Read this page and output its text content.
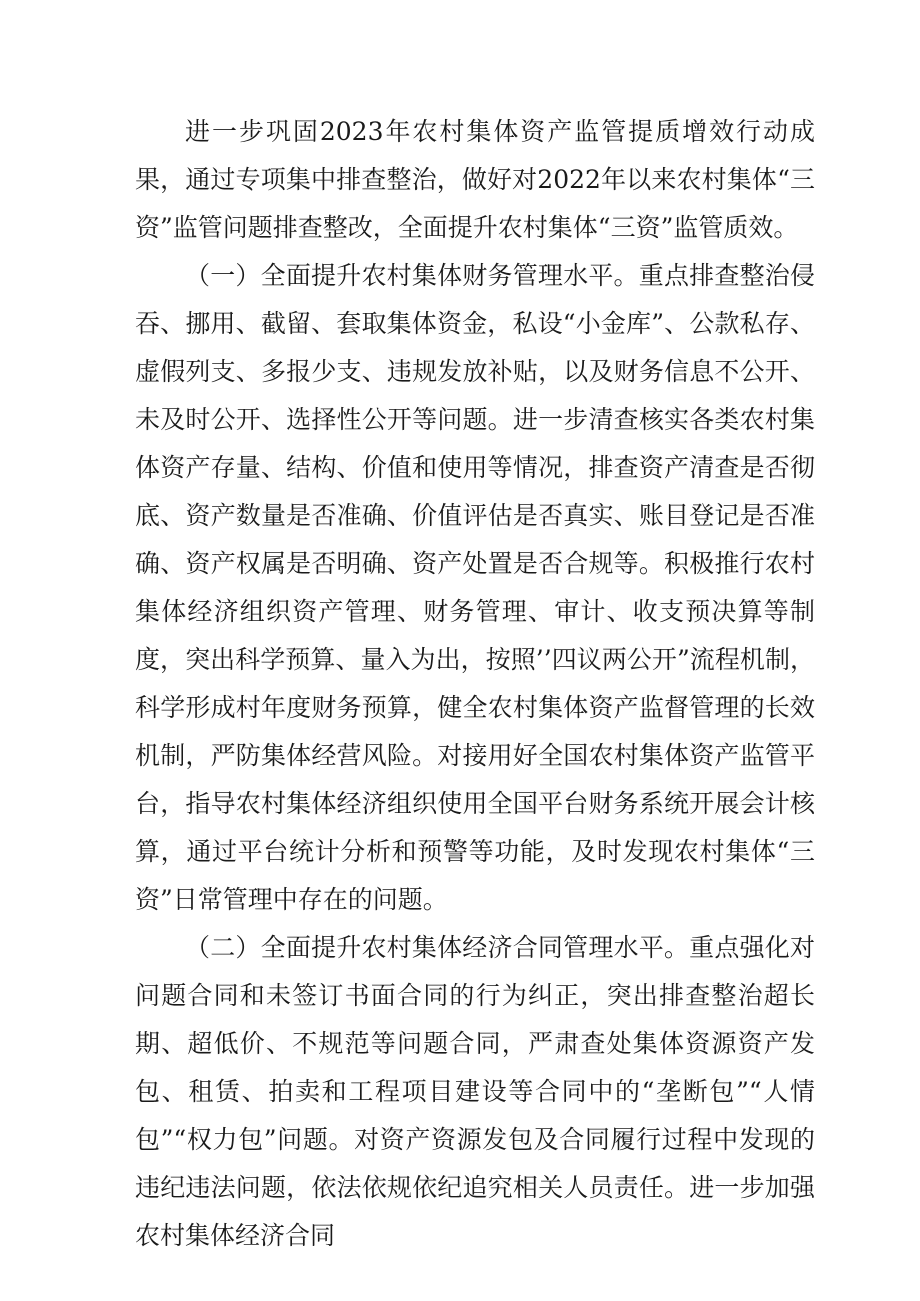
进一步巩固2023年农村集体资产监管提质增效行动成果，通过专项集中排查整治，做好对2022年以来农村集体“三资”监管问题排查整改，全面提升农村集体“三资”监管质效。

（一）全面提升农村集体财务管理水平。重点排查整治侵吞、挪用、截留、套取集体资金，私设“小金库”、公款私存、虚假列支、多报少支、违规发放补贴，以及财务信息不公开、未及时公开、选择性公开等问题。进一步清查核实各类农村集体资产存量、结构、价值和使用等情况，排查资产清查是否彻底、资产数量是否准确、价值评估是否真实、账目登记是否准确、资产权属是否明确、资产处置是否合规等。积极推行农村集体经济组织资产管理、财务管理、审计、收支预决算等制度，突出科学预算、量入为出，按照’’四议两公开”流程机制，科学形成村年度财务预算，健全农村集体资产监督管理的长效机制，严防集体经营风险。对接用好全国农村集体资产监管平台，指导农村集体经济组织使用全国平台财务系统开展会计核算，通过平台统计分析和预警等功能，及时发现农村集体“三资”日常管理中存在的问题。

（二）全面提升农村集体经济合同管理水平。重点强化对问题合同和未签订书面合同的行为纠正，突出排查整治超长期、超低价、不规范等问题合同，严肃查处集体资源资产发包、租赁、拍卖和工程项目建设等合同中的“垄断包”“人情包”“权力包”问题。对资产资源发包及合同履行过程中发现的违纪违法问题，依法依规依纪追究相关人员责任。进一步加强农村集体经济合同
